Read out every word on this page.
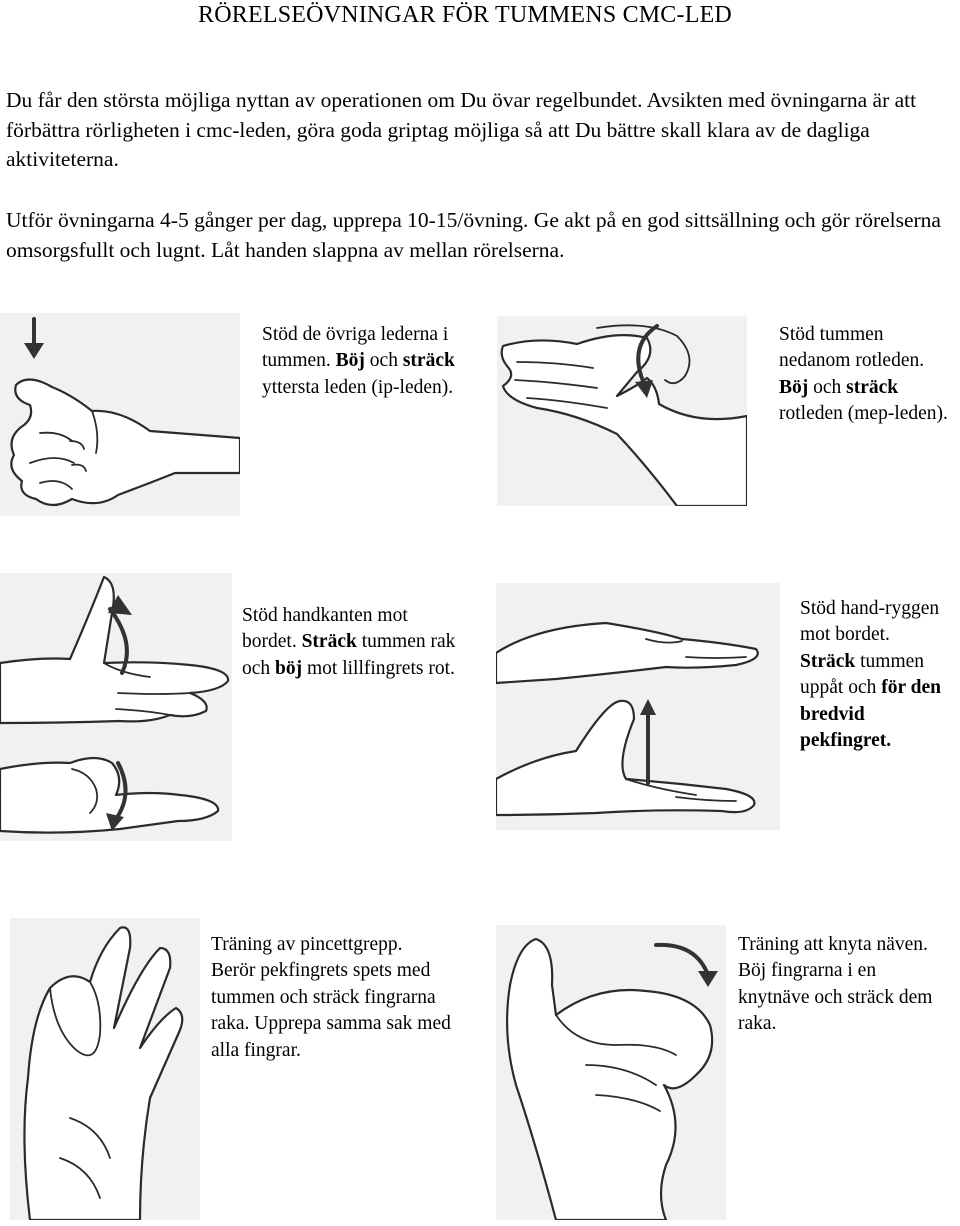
RÖRELSEÖVNINGAR FÖR TUMMENS CMC-LED
Du får den största möjliga nyttan av operationen om Du övar regelbundet. Avsikten med övningarna är att förbättra rörligheten i cmc-leden, göra goda griptag möjliga så att Du bättre skall klara av de dagliga aktiviteterna.
Utför övningarna 4-5 gånger per dag, upprepa 10-15/övning. Ge akt på en god sittsällning och gör rörelserna omsorgsfullt och lugnt. Låt handen slappna av mellan rörelserna.
Stöd de övriga lederna i tummen. Böj och sträck yttersta leden (ip-leden).
Stöd tummen nedanom rotleden. Böj och sträck rotleden (mep-leden).
Stöd handkanten mot bordet. Sträck tummen rak och böj mot lillfingrets rot.
Stöd hand-ryggen mot bordet. Sträck tummen uppåt och för den bredvid pekfingret.
Träning av pincettgrepp. Berör pekfingrets spets med tummen och sträck fingrarna raka. Upprepa samma sak med alla fingrar.
Träning att knyta näven. Böj fingrarna i en knytnäve och sträck dem raka.
